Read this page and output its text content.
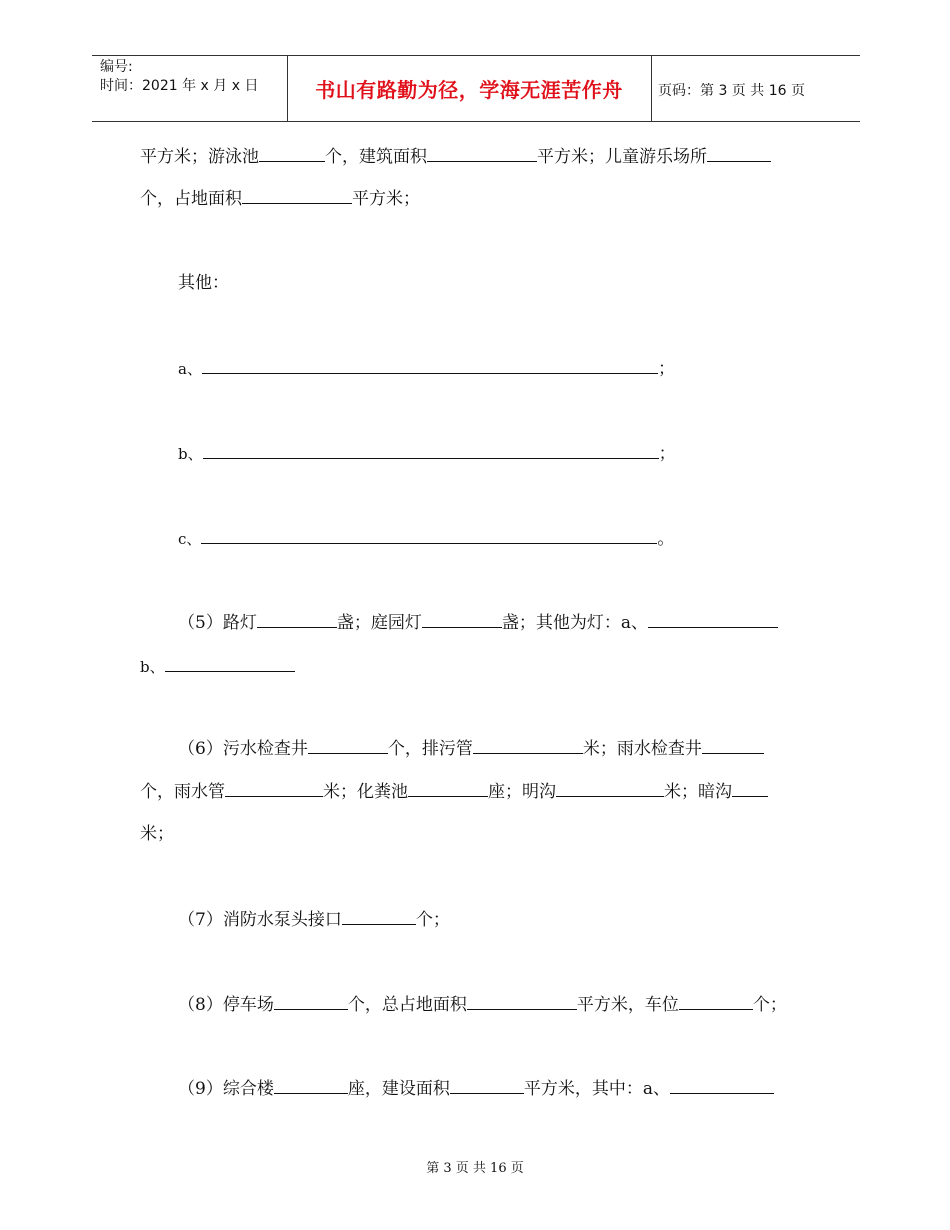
编号:
时间：2021 年 x 月 x 日	书山有路勤为径，学海无涯苦作舟	页码：第 3 页 共 16 页
平方米；游泳池	个，建筑面积	平方米；儿童游乐场所
个，占地面积	平方米；
其他：
a、	；
b、	；
c、	。
（5）路灯	盏；庭园灯	盏；其他为灯：a、
b、
（6）污水检查井	个，排污管	米；雨水检查井
个，雨水管	米；化粪池	座；明沟	米；暗沟
米；
（7）消防水泵头接口	个；
（8）停车场	个，总占地面积	平方米，车位	个；
（9）综合楼	座，建设面积	平方米，其中：a、
第 3 页 共 16 页
